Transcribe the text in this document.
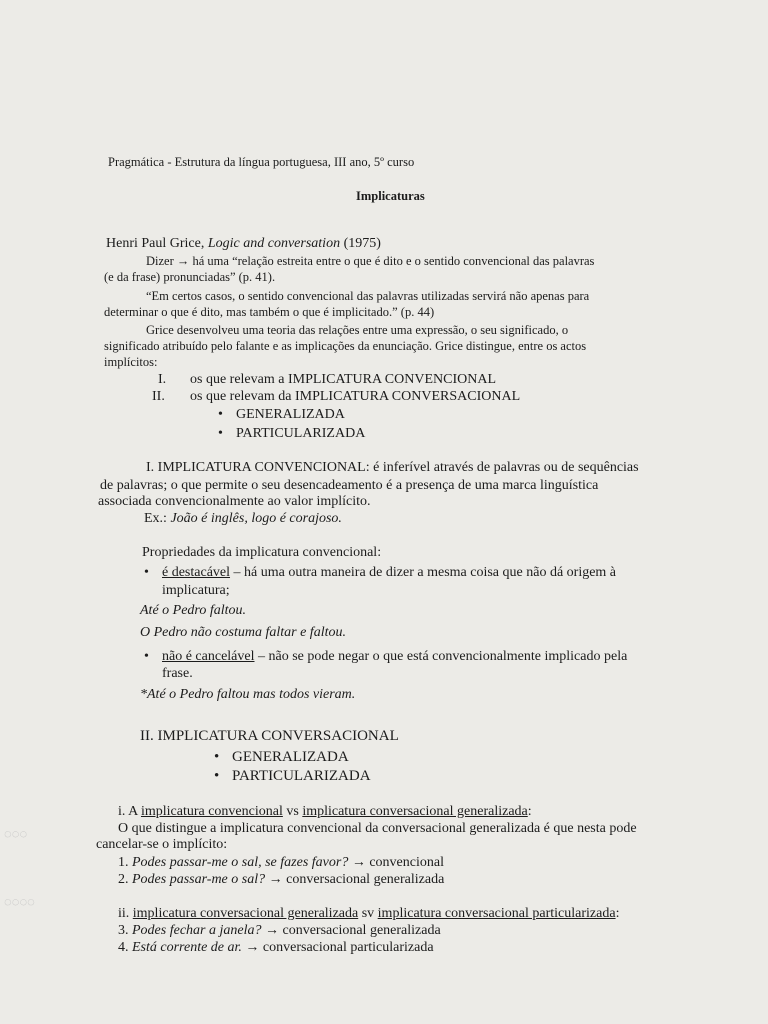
Pragmática - Estrutura da língua portuguesa, III ano, 5º curso
Implicaturas
Henri Paul Grice, Logic and conversation (1975)
Dizer → há uma “relação estreita entre o que é dito e o sentido convencional das palavras
(e da frase) pronunciadas” (p. 41).
“Em certos casos, o sentido convencional das palavras utilizadas servirá não apenas para
determinar o que é dito, mas também o que é implicitado.” (p. 44)
Grice desenvolveu uma teoria das relações entre uma expressão, o seu significado, o
significado atribuído pelo falante e as implicações da enunciação. Grice distingue, entre os actos
implícitos:
I. os que relevam a IMPLICATURA CONVENCIONAL
II. os que relevam da IMPLICATURA CONVERSACIONAL
• GENERALIZADA
• PARTICULARIZADA
I. IMPLICATURA CONVENCIONAL: é inferível através de palavras ou de sequências
de palavras; o que permite o seu desencadeamento é a presença de uma marca linguística
associada convencionalmente ao valor implícito.
Ex.: João é inglês, logo é corajoso.
Propriedades da implicatura convencional:
• é destacável – há uma outra maneira de dizer a mesma coisa que não dá origem à
implicatura;
Até o Pedro faltou.
O Pedro não costuma faltar e faltou.
• não é cancelável – não se pode negar o que está convencionalmente implicado pela
frase.
*Até o Pedro faltou mas todos vieram.
II. IMPLICATURA CONVERSACIONAL
• GENERALIZADA
• PARTICULARIZADA
i. A implicatura convencional vs implicatura conversacional generalizada:
O que distingue a implicatura convencional da conversacional generalizada é que nesta pode
cancelar-se o implícito:
1. Podes passar-me o sal, se fazes favor? → convencional
2. Podes passar-me o sal? → conversacional generalizada
ii. implicatura conversacional generalizada sv implicatura conversacional particularizada:
3. Podes fechar a janela? → conversacional generalizada
4. Está corrente de ar. → conversacional particularizada
◌◌◌
◌◌◌◌
